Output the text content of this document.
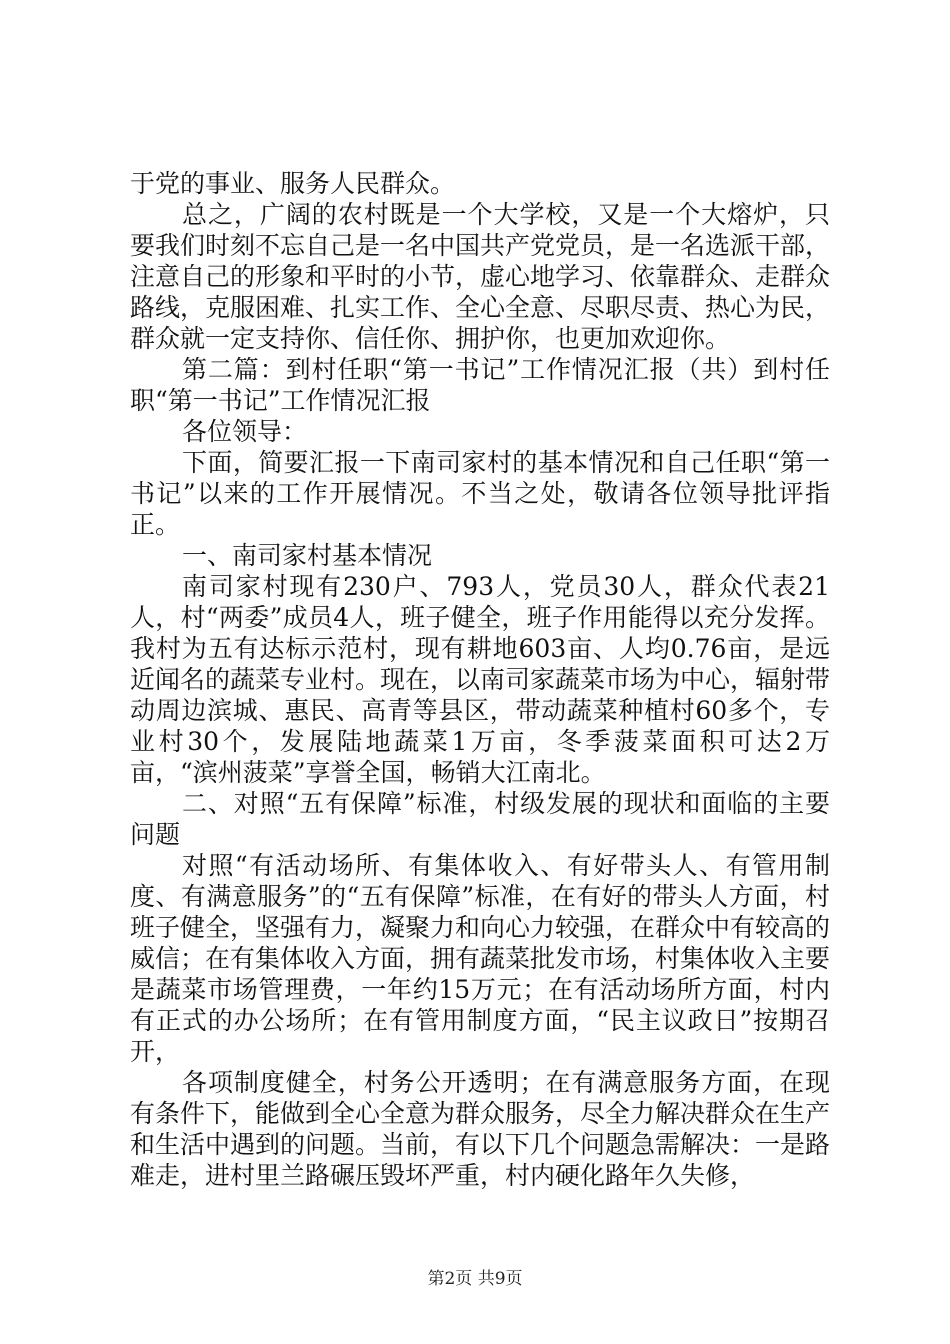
于党的事业、服务人民群众。

总之，广阔的农村既是一个大学校，又是一个大熔炉，只要我们时刻不忘自己是一名中国共产党党员，是一名选派干部，注意自己的形象和平时的小节，虚心地学习、依靠群众、走群众路线，克服困难、扎实工作、全心全意、尽职尽责、热心为民，群众就一定支持你、信任你、拥护你，也更加欢迎你。

第二篇：到村任职“第一书记”工作情况汇报（共）到村任职“第一书记”工作情况汇报

各位领导：

下面，简要汇报一下南司家村的基本情况和自己任职“第一书记”以来的工作开展情况。不当之处，敬请各位领导批评指正。

一、南司家村基本情况

南司家村现有230户、793人，党员30人，群众代表21人，村“两委”成员4人，班子健全，班子作用能得以充分发挥。我村为五有达标示范村，现有耕地603亩、人均0.76亩，是远近闻名的蔬菜专业村。现在，以南司家蔬菜市场为中心，辐射带动周边滨城、惠民、高青等县区，带动蔬菜种植村60多个，专业村30个，发展陆地蔬菜1万亩，冬季菠菜面积可达2万亩，“滨州菠菜”享誉全国，畅销大江南北。

二、对照“五有保障”标准，村级发展的现状和面临的主要问题

对照“有活动场所、有集体收入、有好带头人、有管用制度、有满意服务”的“五有保障”标准，在有好的带头人方面，村班子健全，坚强有力，凝聚力和向心力较强，在群众中有较高的威信；在有集体收入方面，拥有蔬菜批发市场，村集体收入主要是蔬菜市场管理费，一年约15万元；在有活动场所方面，村内有正式的办公场所；在有管用制度方面，“民主议政日”按期召开，

各项制度健全，村务公开透明；在有满意服务方面，在现有条件下，能做到全心全意为群众服务，尽全力解决群众在生产和生活中遇到的问题。当前，有以下几个问题急需解决：一是路难走，进村里兰路碾压毁坏严重，村内硬化路年久失修，

第2页 共9页
